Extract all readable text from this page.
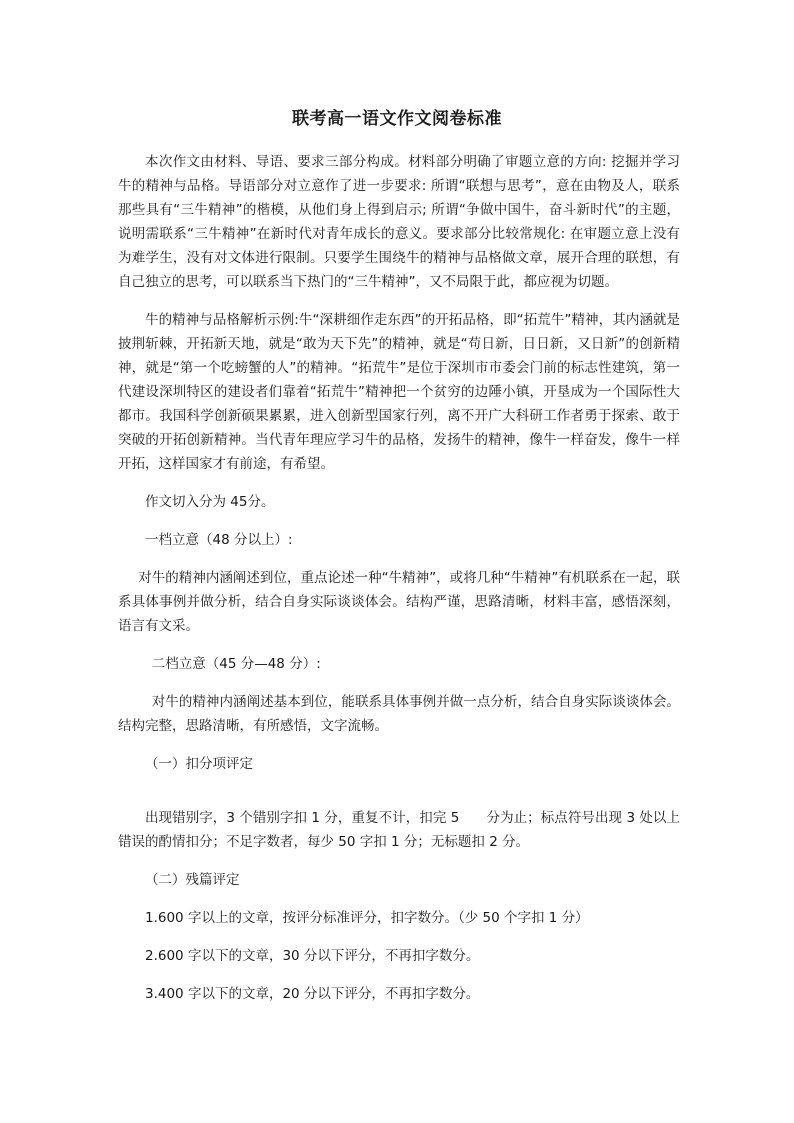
联考高一语文作文阅卷标准

本次作文由材料、导语、要求三部分构成。材料部分明确了审题立意的方向: 挖掘并学习牛的精神与品格。导语部分对立意作了进一步要求: 所谓“联想与思考”，意在由物及人，联系那些具有“三牛精神”的楷模，从他们身上得到启示; 所谓“争做中国牛，奋斗新时代”的主题，说明需联系“三牛精神”在新时代对青年成长的意义。要求部分比较常规化: 在审题立意上没有为难学生，没有对文体进行限制。只要学生围绕牛的精神与品格做文章，展开合理的联想，有自己独立的思考，可以联系当下热门的“三牛精神”，又不局限于此，都应视为切题。

牛的精神与品格解析示例:牛“深耕细作走东西”的开拓品格，即“拓荒牛”精神，其内涵就是披荆斩棘，开拓新天地，就是“敢为天下先”的精神，就是“苟日新，日日新，又日新”的创新精神，就是“第一个吃螃蟹的人”的精神。“拓荒牛”是位于深圳市市委会门前的标志性建筑，第一代建设深圳特区的建设者们靠着“拓荒牛”精神把一个贫穷的边陲小镇，开垦成为一个国际性大都市。我国科学创新硕果累累，进入创新型国家行列，离不开广大科研工作者勇于探索、敢于突破的开拓创新精神。当代青年理应学习牛的品格，发扬牛的精神，像牛一样奋发，像牛一样开拓，这样国家才有前途，有希望。

作文切入分为 45分。

一档立意（48 分以上）:

对牛的精神内涵阐述到位，重点论述一种“牛精神”，或将几种“牛精神”有机联系在一起，联系具体事例并做分析，结合自身实际谈谈体会。结构严谨，思路清晰，材料丰富，感悟深刻，语言有文采。

二档立意（45 分—48 分）:

对牛的精神内涵阐述基本到位，能联系具体事例并做一点分析，结合自身实际谈谈体会。结构完整，思路清晰，有所感悟，文字流畅。

（一）扣分项评定

出现错别字，3 个错别字扣 1 分，重复不计，扣完 5　　分为止；标点符号出现 3 处以上错误的酌情扣分；不足字数者，每少 50 字扣 1 分；无标题扣 2 分。

（二）残篇评定

1.600 字以上的文章，按评分标准评分，扣字数分。（少 50 个字扣 1 分）

2.600 字以下的文章，30 分以下评分，不再扣字数分。

3.400 字以下的文章，20 分以下评分，不再扣字数分。
